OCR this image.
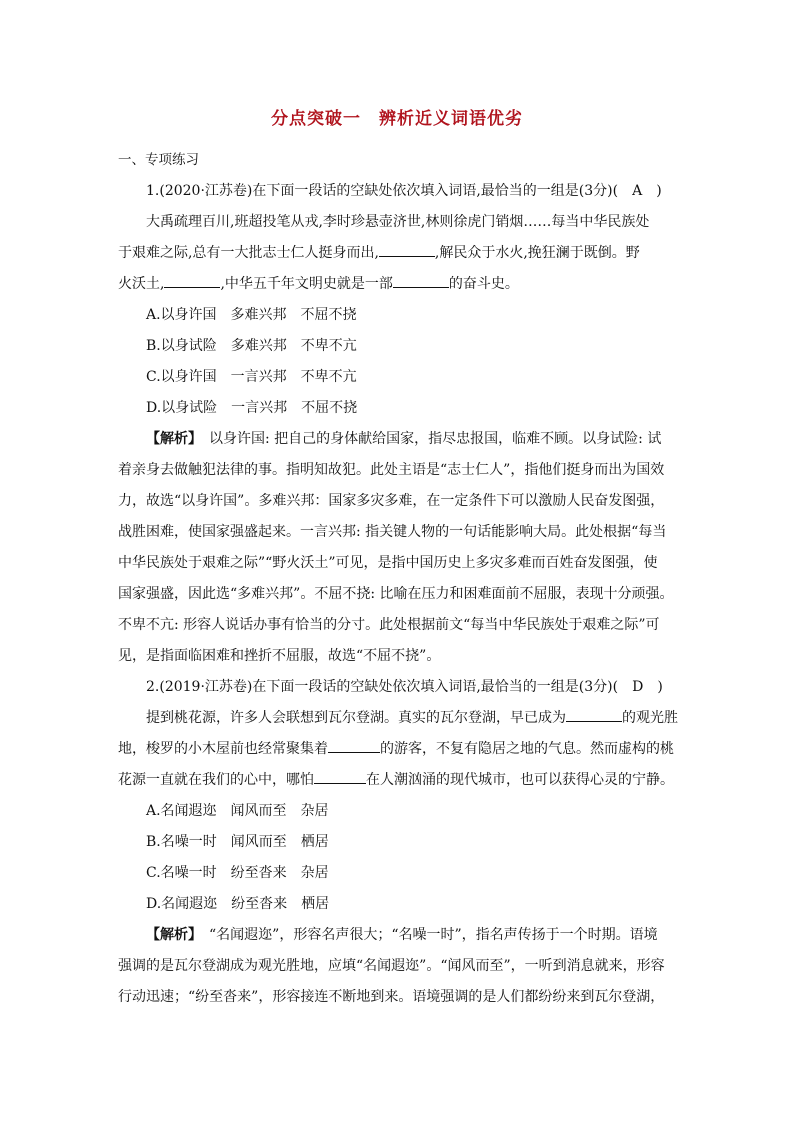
分点突破一　辨析近义词语优劣
一、专项练习
1.(2020·江苏卷)在下面一段话的空缺处依次填入词语,最恰当的一组是(3分)(　A　)
大禹疏理百川,班超投笔从戎,李时珍悬壶济世,林则徐虎门销烟……每当中华民族处
于艰难之际,总有一大批志士仁人挺身而出,	,解民众于水火,挽狂澜于既倒。野
火沃土,	,中华五千年文明史就是一部	的奋斗史。
A.以身许国　多难兴邦　不屈不挠
B.以身试险　多难兴邦　不卑不亢
C.以身许国　一言兴邦　不卑不亢
D.以身试险　一言兴邦　不屈不挠
【解析】　以身许国: 把自己的身体献给国家，指尽忠报国，临难不顾。以身试险: 试
着亲身去做触犯法律的事。指明知故犯。此处主语是“志士仁人”，指他们挺身而出为国效
力，故选“以身许国”。多难兴邦：国家多灾多难，在一定条件下可以激励人民奋发图强，
战胜困难，使国家强盛起来。一言兴邦: 指关键人物的一句话能影响大局。此处根据“每当
中华民族处于艰难之际”“野火沃土”可见，是指中国历史上多灾多难而百姓奋发图强，使
国家强盛，因此选“多难兴邦”。不屈不挠: 比喻在压力和困难面前不屈服，表现十分顽强。
不卑不亢: 形容人说话办事有恰当的分寸。此处根据前文“每当中华民族处于艰难之际”可
见，是指面临困难和挫折不屈服，故选“不屈不挠”。
2.(2019·江苏卷)在下面一段话的空缺处依次填入词语,最恰当的一组是(3分)(　D　)
提到桃花源，许多人会联想到瓦尔登湖。真实的瓦尔登湖，早已成为	的观光胜
地，梭罗的小木屋前也经常聚集着	的游客，不复有隐居之地的气息。然而虚构的桃
花源一直就在我们的心中，哪怕	在人潮汹涌的现代城市，也可以获得心灵的宁静。
A.名闻遐迩　闻风而至　杂居
B.名噪一时　闻风而至　栖居
C.名噪一时　纷至沓来　杂居
D.名闻遐迩　纷至沓来　栖居
【解析】　“名闻遐迩”，形容名声很大；“名噪一时”，指名声传扬于一个时期。语境
强调的是瓦尔登湖成为观光胜地，应填“名闻遐迩”。“闻风而至”，一听到消息就来，形容
行动迅速；“纷至沓来”，形容接连不断地到来。语境强调的是人们都纷纷来到瓦尔登湖，
